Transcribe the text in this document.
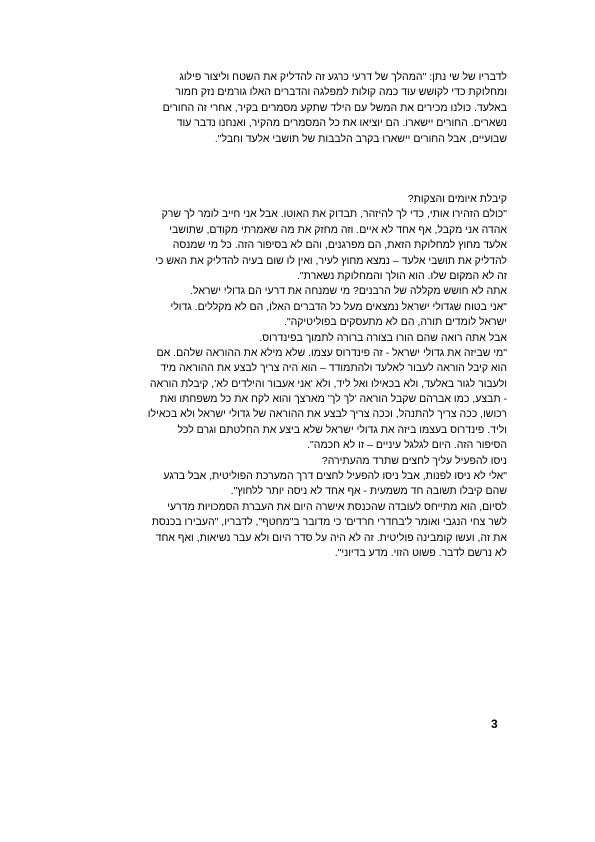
לדבריו של שי נתן: "המהלך של דרעי כרגע זה להדליק את השטח וליצור פילוג
ומחלוקת כדי לקושש עוד כמה קולות למפלגה והדברים האלו גורמים נזק חמור
באלעד. כולנו מכירים את המשל עם הילד שתקע מסמרים בקיר, אחרי זה החורים
נשארים. החורים יישארו. הם יוציאו את כל המסמרים מהקיר, ואנחנו נדבר עוד
שבועיים, אבל החורים יישארו בקרב הלבבות של תושבי אלעד וחבל".
קיבלת איומים והצקות?
"כולם הזהירו אותי, כדי לך להיזהר, תבדוק את האוטו. אבל אני חייב לומר לך שרק
אהדה אני מקבל, אף אחד לא איים. וזה מחזק את מה שאמרתי מקודם, שתושבי
אלעד מחוץ למחלוקת הזאת, הם מפרגנים, והם לא בסיפור הזה. כל מי שמנסה
להדליק את תושבי אלעד – נמצא מחוץ לעיר, ואין לו שום בעיה להדליק את האש כי
זה לא המקום שלו. הוא הולך והמחלוקת נשארת".
אתה לא חושש מקללה של הרבנים? מי שמנחה את דרעי הם גדולי ישראל.
"אני בטוח שגדולי ישראל נמצאים מעל כל הדברים האלו, הם לא מקללים. גדולי
ישראל לומדים תורה, הם לא מתעסקים בפוליטיקה".
אבל אתה רואה שהם הורו בצורה ברורה לתמוך בפינדרוס.
"מי שביזה את גדולי ישראל - זה פינדרוס עצמו. שלא מילא את ההוראה שלהם. אם
הוא קיבל הוראה לעבור לאלעד ולהתמודד – הוא היה צריך לבצע את ההוראה מיד
ולעבור לגור באלעד, ולא בכאילו ואל ליד, ולא 'אני אעבור והילדים לא', קיבלת הוראה
- תבצע, כמו אברהם שקבל הוראה 'לך לך' מארצך והוא לקח את כל משפחתו ואת
רכושו, ככה צריך להתנהל, וככה צריך לבצע את ההוראה של גדולי ישראל ולא בכאילו
וליד. פינדרוס בעצמו ביזה את גדולי ישראל שלא ביצע את החלטתם וגרם לכל
הסיפור הזה. היום לגלגל עיניים – זו לא חכמה".
ניסו להפעיל עליך לחצים שתרד מהעתירה?
"אלי לא ניסו לפנות, אבל ניסו להפעיל לחצים דרך המערכת הפוליטית, אבל ברגע
שהם קיבלו תשובה חד משמעית - אף אחד לא ניסה יותר ללחוץ".
לסיום, הוא מתייחס לעובדה שהכנסת אישרה היום את העברת הסמכויות מדרעי
לשר צחי הנגבי ואומר ל'בחדרי חרדים' כי מדובר ב"מחטף", לדבריו, "העבירו בכנסת
את זה, ועשו קומבינה פוליטית. זה לא היה על סדר היום ולא עבר נשיאות, ואף אחד
לא נרשם לדבר. פשוט הזוי. מדע בדיוני".
3
